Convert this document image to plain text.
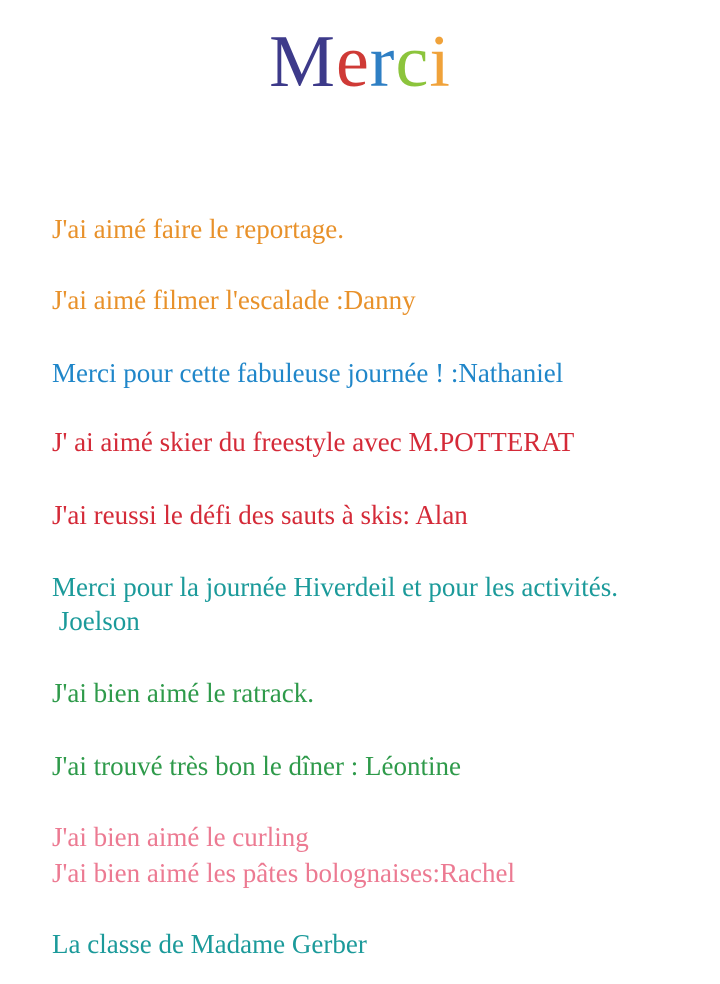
Merci

J'ai aimé faire le reportage.

J'ai aimé filmer l'escalade :Danny

Merci pour cette fabuleuse journée ! :Nathaniel

J' ai aimé skier du freestyle avec M.POTTERAT

J'ai reussi le défi des sauts à skis: Alan

Merci pour la journée Hiverdeil et pour les activités.

Joelson

J'ai bien aimé le ratrack.

J'ai trouvé très bon le dîner : Léontine

J'ai bien aimé le curling

J'ai bien aimé les pâtes bolognaises:Rachel

La classe de Madame Gerber
